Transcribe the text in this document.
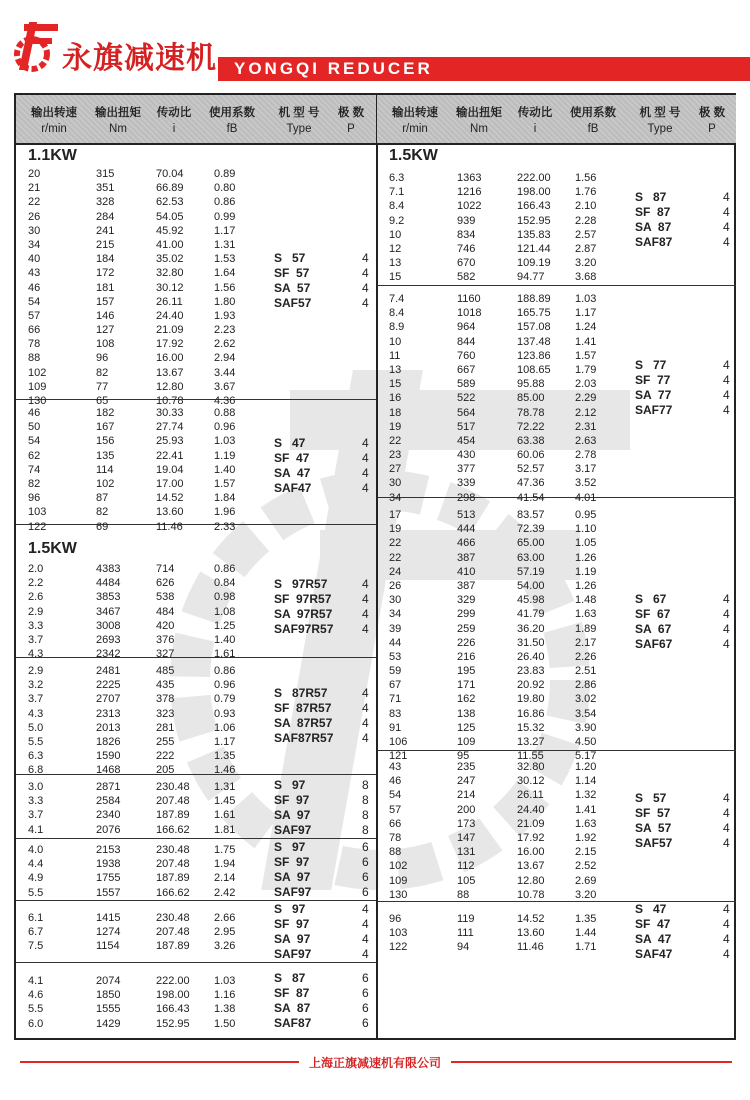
永旗减速机 YONGQI REDUCER
输出转速
r/min
输出扭矩
Nm
传动比
i
使用系数
fB
机 型 号
Type
极 数
P
1.1KW
20	315	70.04	0.89
21	351	66.89	0.80
22	328	62.53	0.86
26	284	54.05	0.99
30	241	45.92	1.17
34	215	41.00	1.31
40	184	35.02	1.53
43	172	32.80	1.64
46	181	30.12	1.56
54	157	26.11	1.80
57	146	24.40	1.93
66	127	21.09	2.23
78	108	17.92	2.62
88	96	16.00	2.94
102	82	13.67	3.44
109	77	12.80	3.67
130	65	10.78	4.36
S   57	4
SF  57	4
SA  57	4
SAF57	4
46	182	30.33	0.88
50	167	27.74	0.96
54	156	25.93	1.03
62	135	22.41	1.19
74	114	19.04	1.40
82	102	17.00	1.57
96	87	14.52	1.84
103	82	13.60	1.96
122	69	11.46	2.33
S   47	4
SF  47	4
SA  47	4
SAF47	4
1.5KW
2.0	4383	714	0.86
2.2	4484	626	0.84
2.6	3853	538	0.98
2.9	3467	484	1.08
3.3	3008	420	1.25
3.7	2693	376	1.40
4.3	2342	327	1.61
S   97R57	4
SF  97R57	4
SA  97R57 4
SAF97R57 4
2.9	2481	485	0.86
3.2	2225	435	0.96
3.7	2707	378	0.79
4.3	2313	323	0.93
5.0	2013	281	1.06
5.5	1826	255	1.17
6.3	1590	222	1.35
6.8	1468	205	1.46
S   87R57	4
SF  87R57	4
SA  87R57 4
SAF87R57 4
3.0	2871	230.48 1.31
3.3	2584	207.48 1.45
3.7	2340	187.89 1.61
4.1	2076	166.62 1.81
S   97	8
SF  97	8
SA  97	8
SAF97	8
4.0	2153	230.48 1.75
4.4	1938	207.48 1.94
4.9	1755	187.89 2.14
5.5	1557	166.62 2.42
S   97	6
SF  97	6
SA  97	6
SAF97	6
6.1	1415	230.48 2.66
6.7	1274	207.48 2.95
7.5	1154	187.89 3.26
S   97	4
SF  97	4
SA  97	4
SAF97	4
4.1	2074	222.00 1.03
4.6	1850	198.00 1.16
5.5	1555	166.43 1.38
6.0	1429	152.95 1.50
S   87	6
SF  87	6
SA  87	6
SAF87	6
输出转速
r/min
输出扭矩
Nm
传动比
i
使用系数
fB
机 型 号
Type
极 数
P
1.5KW
6.3	1363	222.00 1.56
7.1	1216	198.00 1.76
8.4	1022	166.43 2.10
9.2	939	152.95 2.28
10	834	135.83 2.57
12	746	121.44 2.87
13	670	109.19 3.20
15	582	94.77	3.68
S   87	4
SF  87	4
SA  87	4
SAF87	4
7.4	1160	188.89 1.03
8.4	1018	165.75 1.17
8.9	964	157.08 1.24
10	844	137.48 1.41
11	760	123.86 1.57
13	667	108.65 1.79
15	589	95.88	2.03
16	522	85.00	2.29
18	564	78.78	2.12
19	517	72.22	2.31
22	454	63.38	2.63
23	430	60.06	2.78
27	377	52.57	3.17
30	339	47.36	3.52
34	298	41.54	4.01
S   77	4
SF  77	4
SA  77	4
SAF77	4
17	513	83.57	0.95
19	444	72.39	1.10
22	466	65.00	1.05
22	387	63.00	1.26
24	410	57.19	1.19
26	387	54.00	1.26
30	329	45.98	1.48
34	299	41.79	1.63
39	259	36.20	1.89
44	226	31.50	2.17
53	216	26.40	2.26
59	195	23.83	2.51
67	171	20.92	2.86
71	162	19.80	3.02
83	138	16.86	3.54
91	125	15.32	3.90
106	109	13.27	4.50
121	95	11.55	5.17
S   67	4
SF  67	4
SA  67	4
SAF67	4
43	235	32.80	1.20
46	247	30.12	1.14
54	214	26.11	1.32
57	200	24.40	1.41
66	173	21.09	1.63
78	147	17.92	1.92
88	131	16.00	2.15
102	112	13.67	2.52
109	105	12.80	2.69
130	88	10.78	3.20
S   57	4
SF  57	4
SA  57	4
SAF57	4
96	119	14.52	1.35
103	111	13.60	1.44
122	94	11.46	1.71
S   47	4
SF  47	4
SA  47	4
SAF47	4
$^{上海正旗减速机有限公司}$
